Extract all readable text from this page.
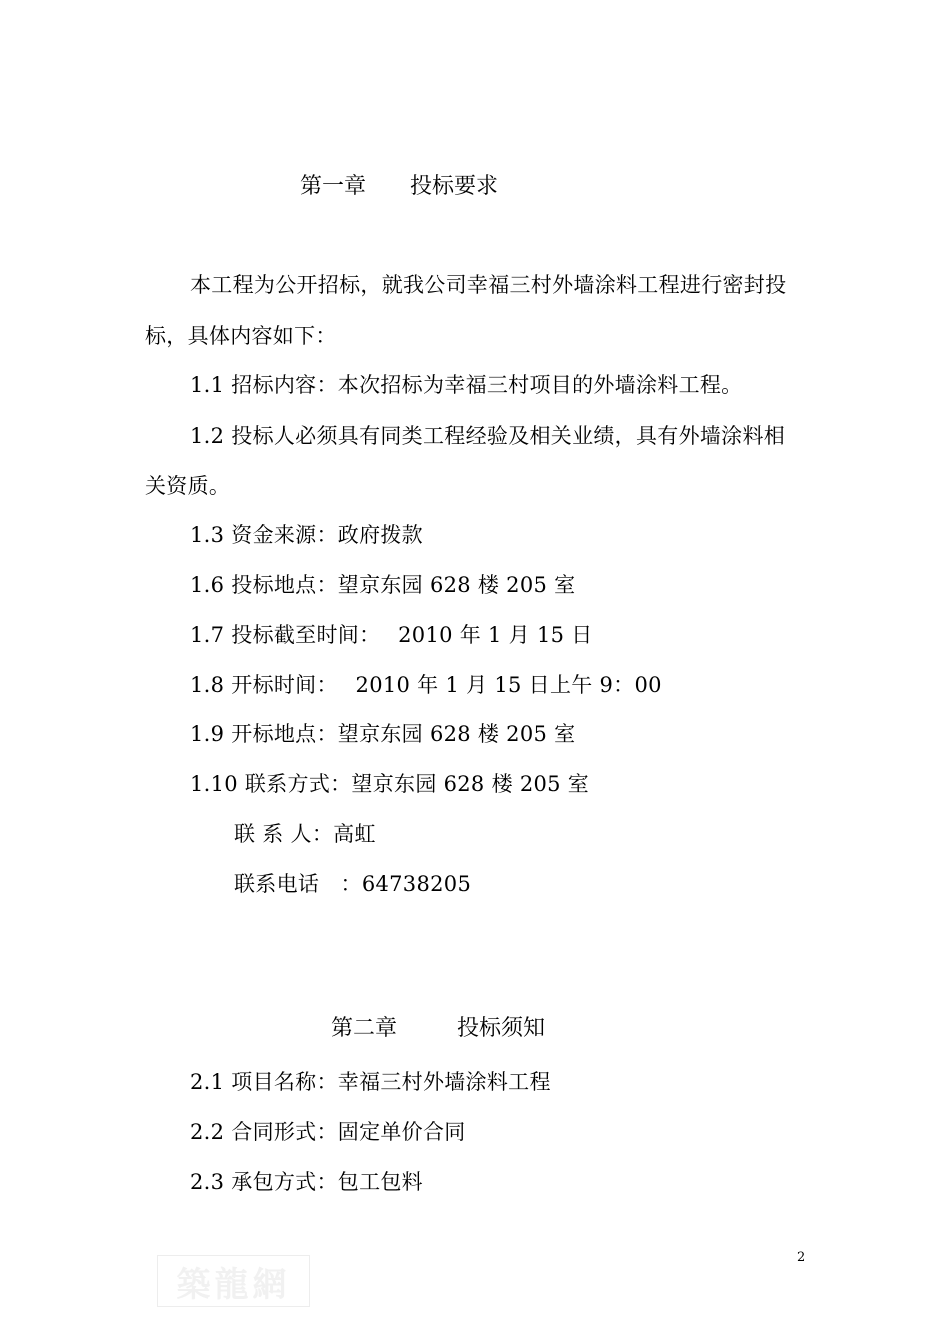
第一章 投标要求
本工程为公开招标，就我公司幸福三村外墙涂料工程进行密封投
标，具体内容如下：
1.1 招标内容：本次招标为幸福三村项目的外墙涂料工程。
1.2 投标人必须具有同类工程经验及相关业绩，具有外墙涂料相
关资质。
1.3 资金来源：政府拨款
1.6 投标地点：望京东园 628 楼 205 室
1.7 投标截至时间：　 2010 年 1 月 15 日
1.8 开标时间：　 2010 年 1 月 15 日上午 9：00
1.9 开标地点：望京东园 628 楼 205 室
1.10 联系方式：望京东园 628 楼 205 室
联 系 人：高虹
联系电话　：64738205
第二章	投标须知
2.1 项目名称：幸福三村外墙涂料工程
2.2 合同形式：固定单价合同
2.3 承包方式：包工包料
2
築龍網
